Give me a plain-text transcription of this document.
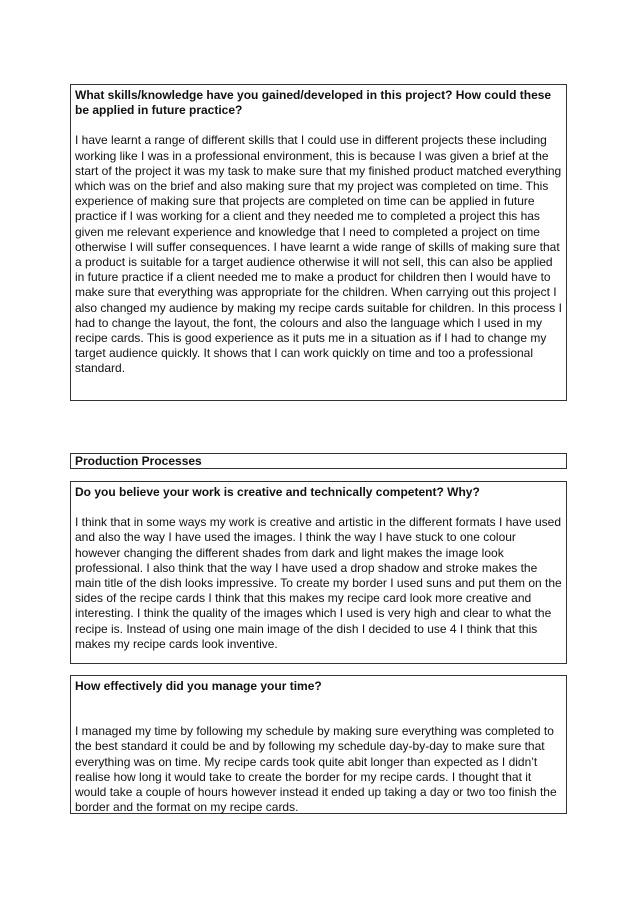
What skills/knowledge have you gained/developed in this project? How could these be applied in future practice?

I have learnt a range of different skills that I could use in different projects these including working like I was in a professional environment, this is because I was given a brief at the start of the project it was my task to make sure that my finished product matched everything which was on the brief and also making sure that my project was completed on time. This experience of making sure that projects are completed on time can be applied in future practice if I was working for a client and they needed me to completed a project this has given me relevant experience and knowledge that I need to completed a project on time otherwise I will suffer consequences. I have learnt a wide range of skills of making sure that a product is suitable for a target audience otherwise it will not sell, this can also be applied in future practice if a client needed me to make a product for children then I would have to make sure that everything was appropriate for the children. When carrying out this project I also changed my audience by making my recipe cards suitable for children. In this process I had to change the layout, the font, the colours and also the language which I used in my recipe cards. This is good experience as it puts me in a situation as if I had to change my target audience quickly. It shows that I can work quickly on time and too a professional standard.

Production Processes

Do you believe your work is creative and technically competent? Why?

I think that in some ways my work is creative and artistic in the different formats I have used and also the way I have used the images. I think the way I have stuck to one colour however changing the different shades from dark and light makes the image look professional. I also think that the way I have used a drop shadow and stroke makes the main title of the dish looks impressive. To create my border I used suns and put them on the sides of the recipe cards I think that this makes my recipe card look more creative and interesting. I think the quality of the images which I used is very high and clear to what the recipe is. Instead of using one main image of the dish I decided to use 4 I think that this makes my recipe cards look inventive.

How effectively did you manage your time?

I managed my time by following my schedule by making sure everything was completed to the best standard it could be and by following my schedule day-by-day to make sure that everything was on time. My recipe cards took quite abit longer than expected as I didn’t realise how long it would take to create the border for my recipe cards. I thought that it would take a couple of hours however instead it ended up taking a day or two too finish the border and the format on my recipe cards.
